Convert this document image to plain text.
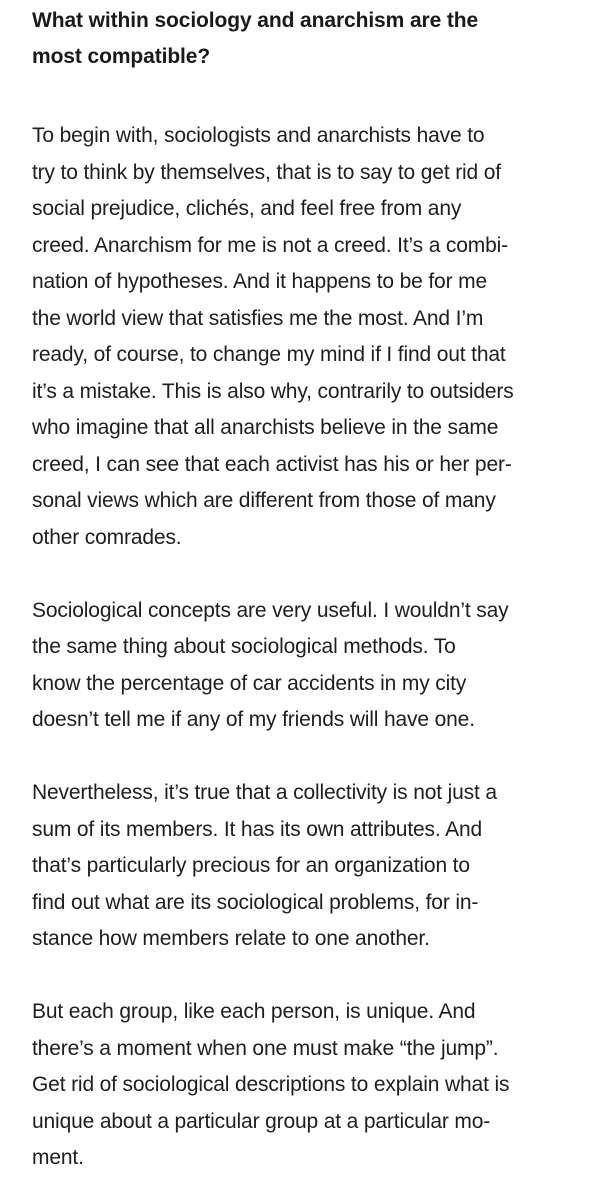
What within sociology and anarchism are the
most compatible?

To begin with, sociologists and anarchists have to
try to think by themselves, that is to say to get rid of
social prejudice, clichés, and feel free from any
creed. Anarchism for me is not a creed. It’s a combi-
nation of hypotheses. And it happens to be for me
the world view that satisfies me the most. And I’m
ready, of course, to change my mind if I find out that
it’s a mistake. This is also why, contrarily to outsiders
who imagine that all anarchists believe in the same
creed, I can see that each activist has his or her per-
sonal views which are different from those of many
other comrades.

Sociological concepts are very useful. I wouldn’t say
the same thing about sociological methods. To
know the percentage of car accidents in my city
doesn’t tell me if any of my friends will have one.

Nevertheless, it’s true that a collectivity is not just a
sum of its members. It has its own attributes. And
that’s particularly precious for an organization to
find out what are its sociological problems, for in-
stance how members relate to one another.

But each group, like each person, is unique. And
there’s a moment when one must make “the jump”.
Get rid of sociological descriptions to explain what is
unique about a particular group at a particular mo-
ment.
